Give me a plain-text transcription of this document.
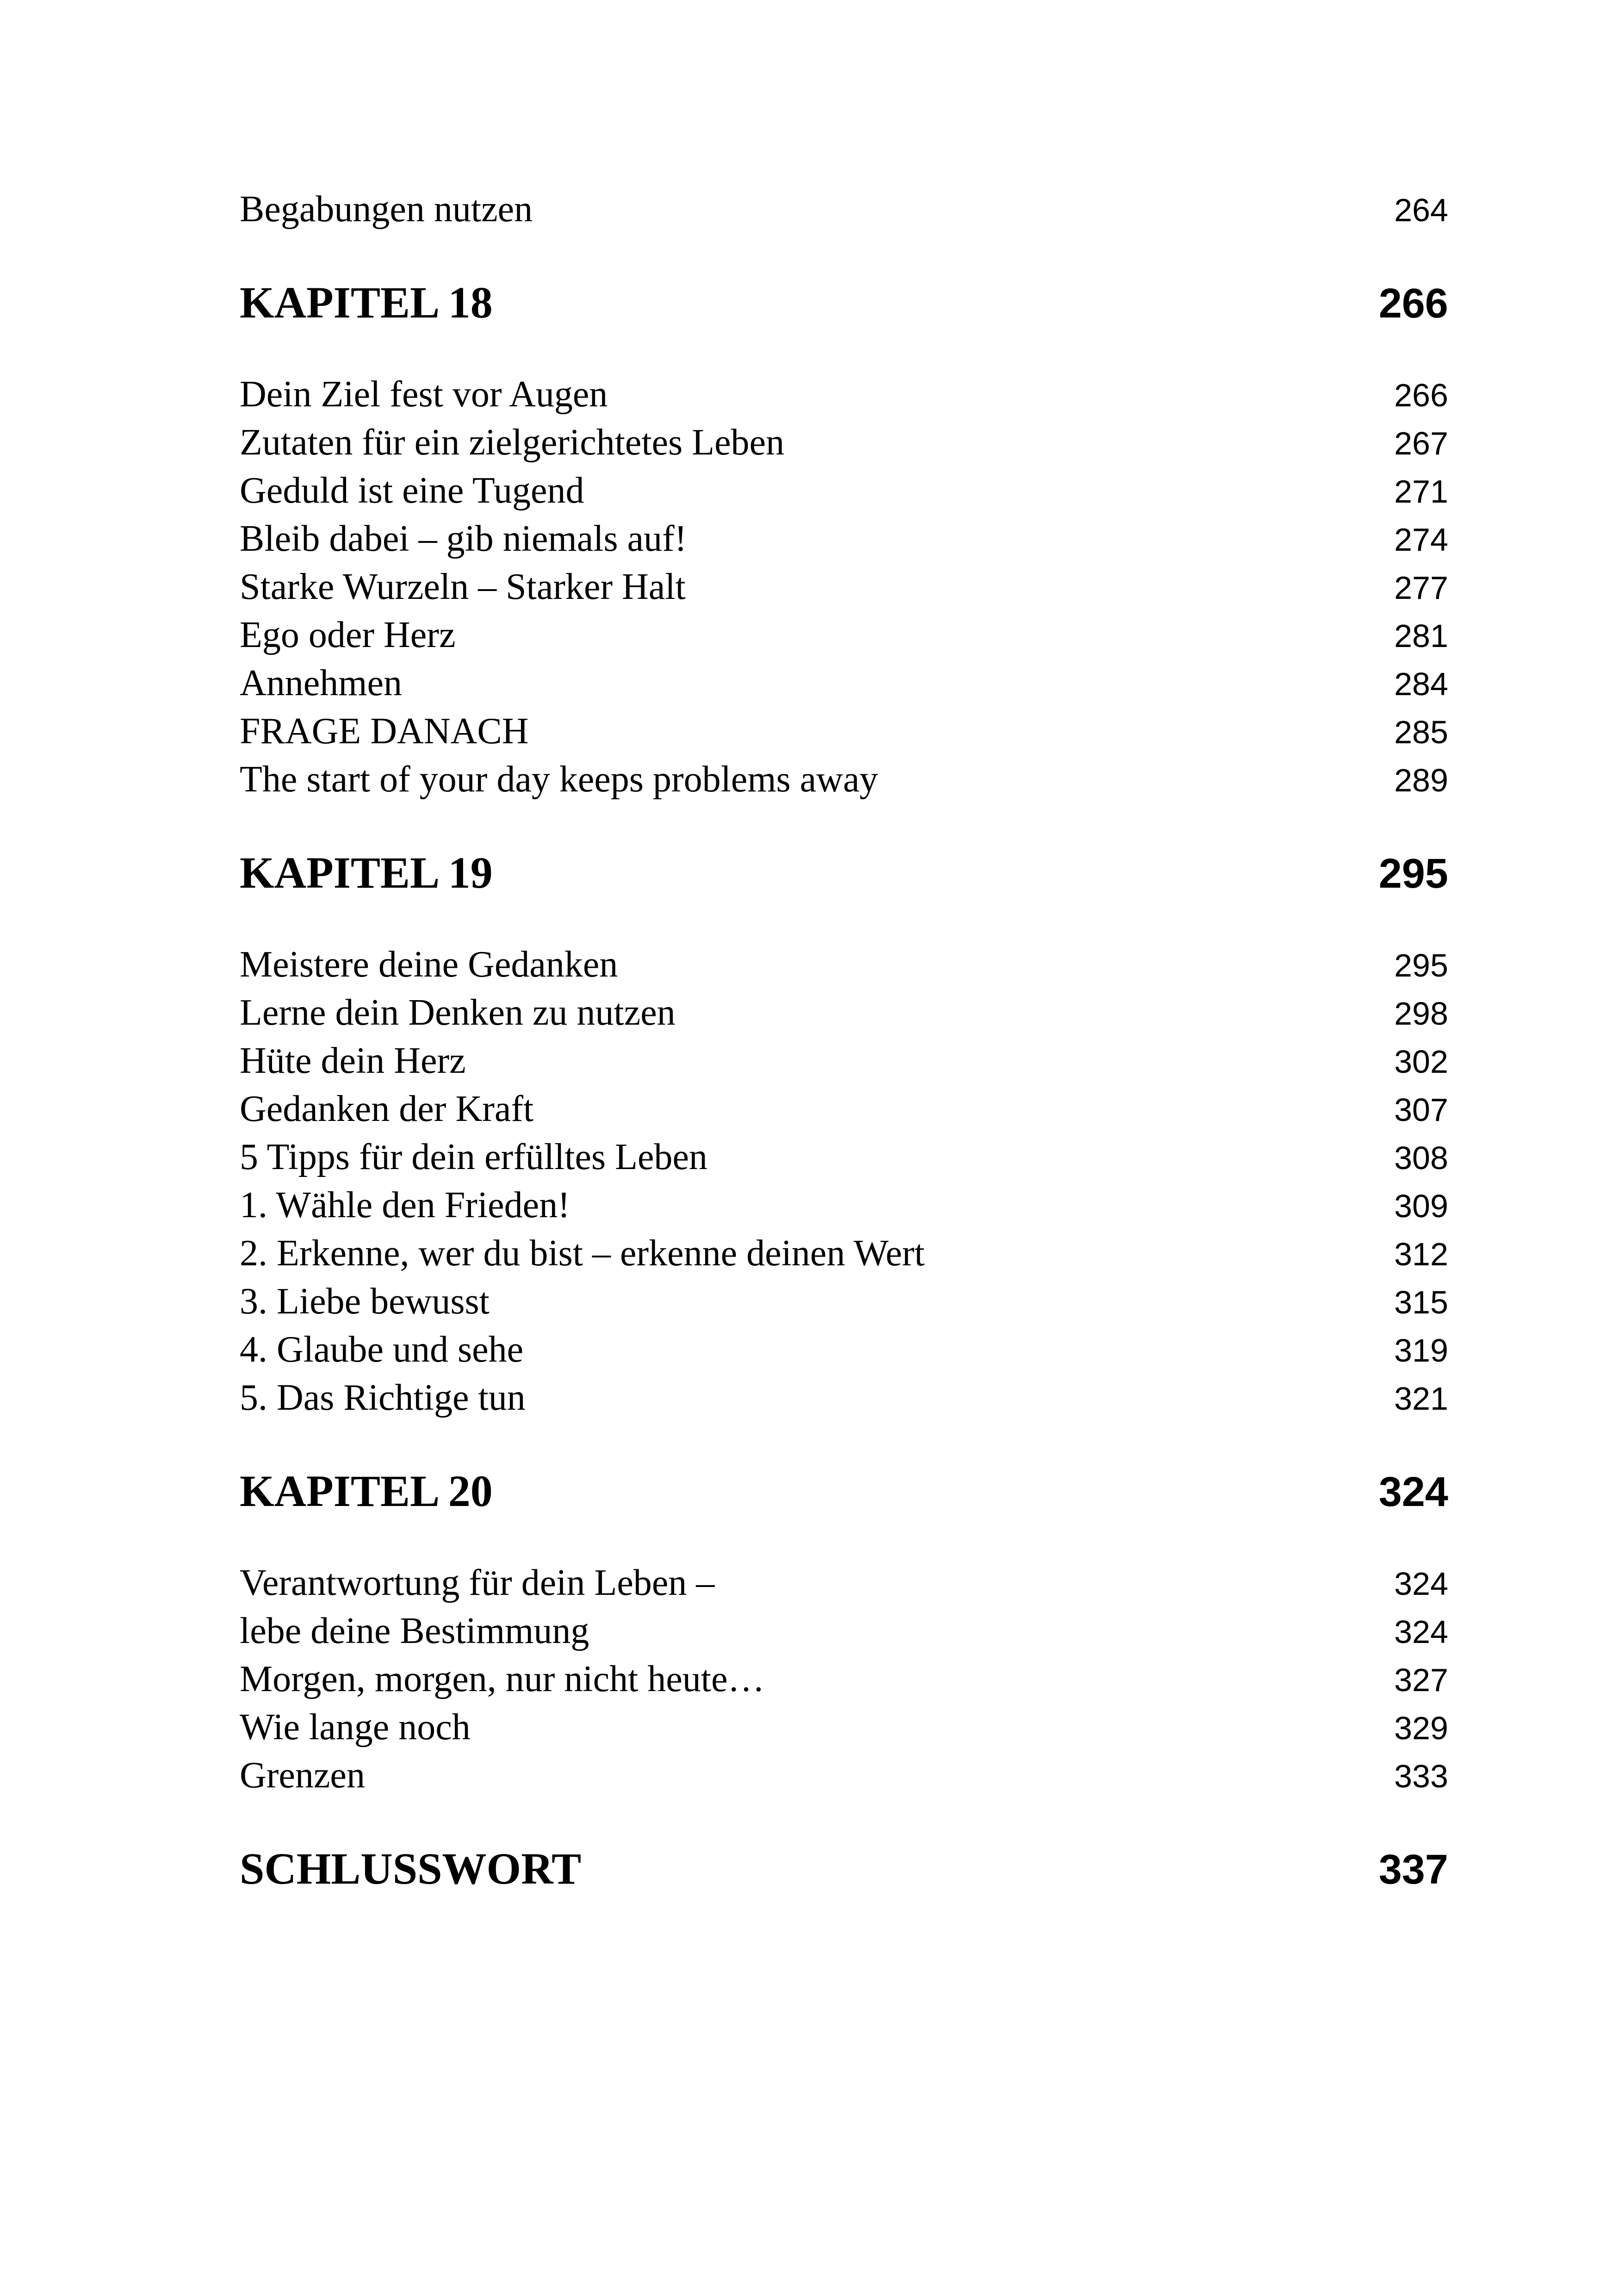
Begabungen nutzen	264
KAPITEL 18	266
Dein Ziel fest vor Augen	266
Zutaten für ein zielgerichtetes Leben	267
Geduld ist eine Tugend	271
Bleib dabei – gib niemals auf!	274
Starke Wurzeln – Starker Halt	277
Ego oder Herz	281
Annehmen	284
FRAGE DANACH	285
The start of your day keeps problems away	289
KAPITEL 19	295
Meistere deine Gedanken	295
Lerne dein Denken zu nutzen	298
Hüte dein Herz	302
Gedanken der Kraft	307
5 Tipps für dein erfülltes Leben	308
1. Wähle den Frieden!	309
2. Erkenne, wer du bist – erkenne deinen Wert	312
3. Liebe bewusst	315
4. Glaube und sehe	319
5. Das Richtige tun	321
KAPITEL 20	324
Verantwortung für dein Leben –	324
lebe deine Bestimmung	324
Morgen, morgen, nur nicht heute…	327
Wie lange noch	329
Grenzen	333
SCHLUSSWORT	337
